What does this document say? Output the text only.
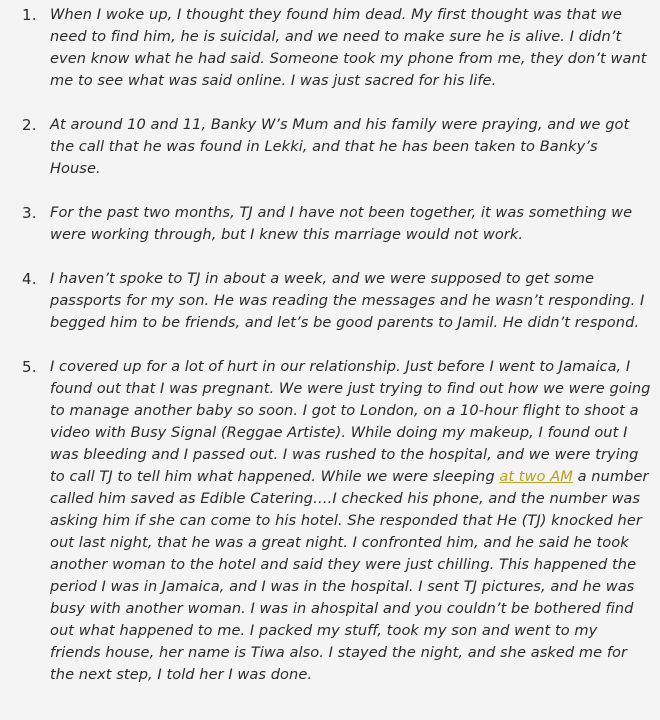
1. When I woke up, I thought they found him dead. My first thought was that we need to find him, he is suicidal, and we need to make sure he is alive. I didn’t even know what he had said. Someone took my phone from me, they don’t want me to see what was said online. I was just sacred for his life.
2. At around 10 and 11, Banky W’s Mum and his family were praying, and we got the call that he was found in Lekki, and that he has been taken to Banky’s House.
3. For the past two months, TJ and I have not been together, it was something we were working through, but I knew this marriage would not work.
4. I haven’t spoke to TJ in about a week, and we were supposed to get some passports for my son. He was reading the messages and he wasn’t responding. I begged him to be friends, and let’s be good parents to Jamil. He didn’t respond.
5. I covered up for a lot of hurt in our relationship. Just before I went to Jamaica, I found out that I was pregnant. We were just trying to find out how we were going to manage another baby so soon. I got to London, on a 10-hour flight to shoot a video with Busy Signal (Reggae Artiste). While doing my makeup, I found out I was bleeding and I passed out. I was rushed to the hospital, and we were trying to call TJ to tell him what happened. While we were sleeping at two AM a number called him saved as Edible Catering….I checked his phone, and the number was asking him if she can come to his hotel. She responded that He (TJ) knocked her out last night, that he was a great night. I confronted him, and he said he took another woman to the hotel and said they were just chilling. This happened the period I was in Jamaica, and I was in the hospital. I sent TJ pictures, and he was busy with another woman. I was in ahospital and you couldn’t be bothered find out what happened to me. I packed my stuff, took my son and went to my friends house, her name is Tiwa also. I stayed the night, and she asked me for the next step, I told her I was done.
